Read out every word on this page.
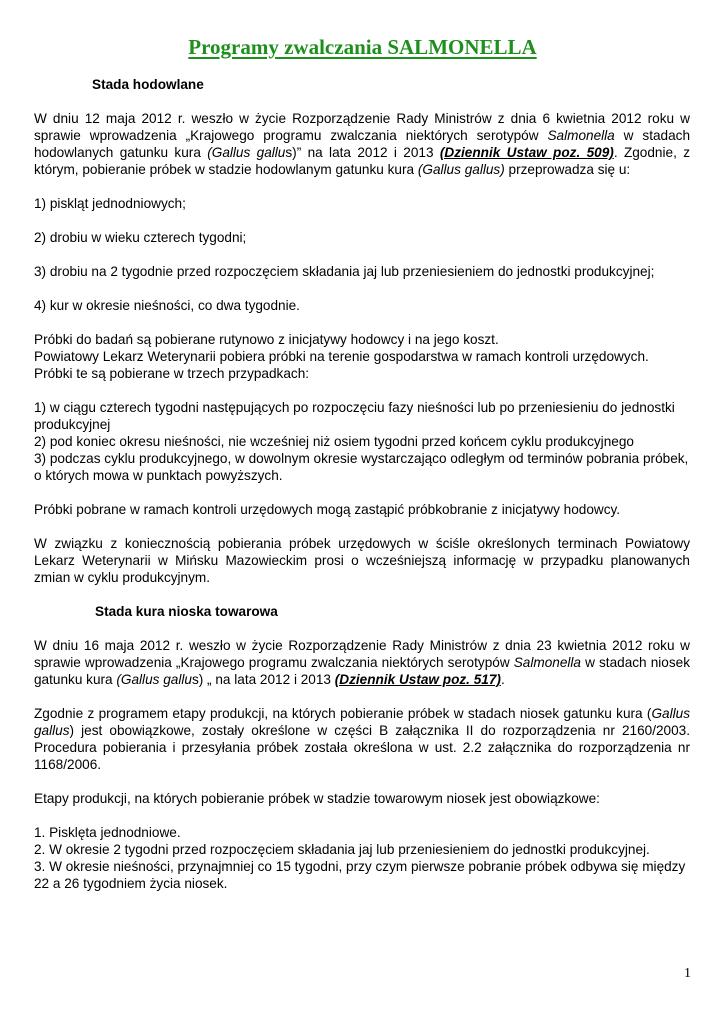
Programy zwalczania SALMONELLA
Stada hodowlane

W dniu 12 maja 2012 r. weszło w życie Rozporządzenie Rady Ministrów z dnia 6 kwietnia 2012 roku w sprawie wprowadzenia „Krajowego programu zwalczania niektórych serotypów Salmonella w stadach hodowlanych gatunku kura (Gallus gallus)” na lata 2012 i 2013 (Dziennik Ustaw poz. 509). Zgodnie, z którym, pobieranie próbek w stadzie hodowlanym gatunku kura (Gallus gallus) przeprowadza się u:

1) piskląt jednodniowych;

2) drobiu w wieku czterech tygodni;

3) drobiu na 2 tygodnie przed rozpoczęciem składania jaj lub przeniesieniem do jednostki produkcyjnej;

4) kur w okresie nieśności, co dwa tygodnie.

Próbki do badań są pobierane rutynowo z inicjatywy hodowcy i na jego koszt.
Powiatowy Lekarz Weterynarii pobiera próbki na terenie gospodarstwa w ramach kontroli urzędowych. Próbki te są pobierane w trzech przypadkach:

1) w ciągu czterech tygodni następujących po rozpoczęciu fazy nieśności lub po przeniesieniu do jednostki produkcyjnej
2) pod koniec okresu nieśności, nie wcześniej niż osiem tygodni przed końcem cyklu produkcyjnego
3) podczas cyklu produkcyjnego, w dowolnym okresie wystarczająco odległym od terminów pobrania próbek, o których mowa w punktach powyższych.

Próbki pobrane w ramach kontroli urzędowych mogą zastąpić próbkobranie z inicjatywy hodowcy.

W związku z koniecznością pobierania próbek urzędowych w ściśle określonych terminach Powiatowy Lekarz Weterynarii w Mińsku Mazowieckim prosi o wcześniejszą informację w przypadku planowanych zmian w cyklu produkcyjnym.

Stada kura nioska towarowa

W dniu 16 maja 2012 r. weszło w życie Rozporządzenie Rady Ministrów z dnia 23 kwietnia 2012 roku w sprawie wprowadzenia „Krajowego programu zwalczania niektórych serotypów Salmonella w stadach niosek gatunku kura (Gallus gallus) „ na lata 2012 i 2013 (Dziennik Ustaw poz. 517).

Zgodnie z programem etapy produkcji, na których pobieranie próbek w stadach niosek gatunku kura (Gallus gallus) jest obowiązkowe, zostały określone w części B załącznika II do rozporządzenia nr 2160/2003. Procedura pobierania i przesyłania próbek została określona w ust. 2.2 załącznika do rozporządzenia nr 1168/2006.

Etapy produkcji, na których pobieranie próbek w stadzie towarowym niosek jest obowiązkowe:

1. Pisklęta jednodniowe.
2. W okresie 2 tygodni przed rozpoczęciem składania jaj lub przeniesieniem do jednostki produkcyjnej.
3. W okresie nieśności, przynajmniej co 15 tygodni, przy czym pierwsze pobranie próbek odbywa się między 22 a 26 tygodniem życia niosek.

1
